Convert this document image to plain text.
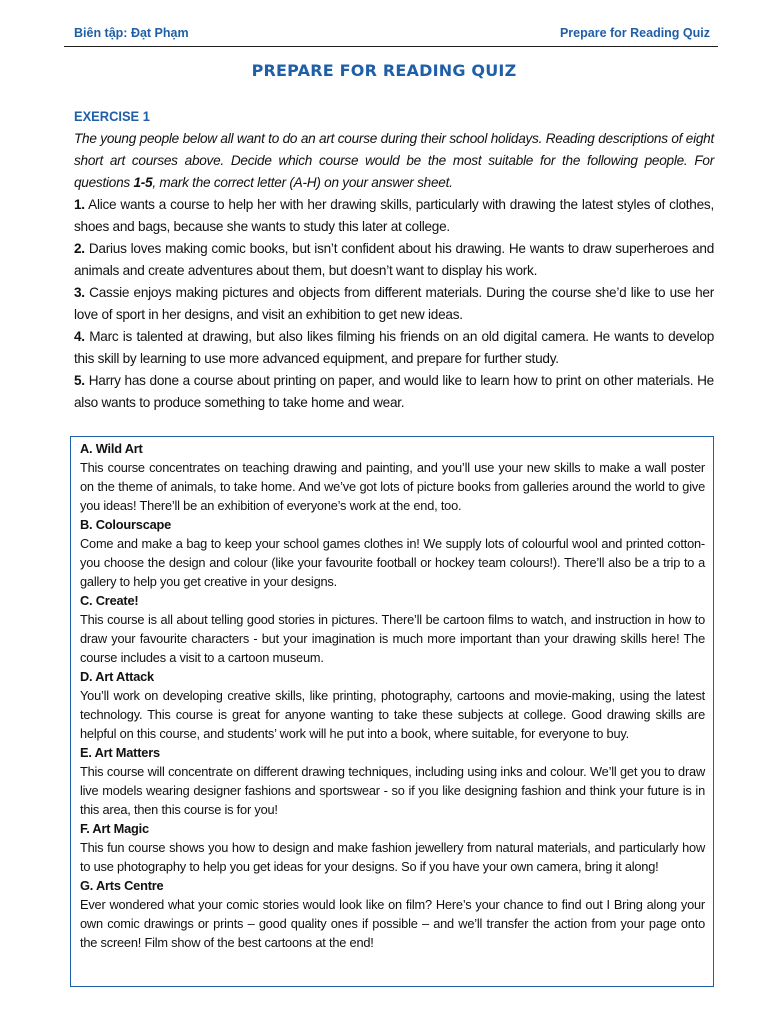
Biên tập: Đạt Phạm	Prepare for Reading Quiz
PREPARE FOR READING QUIZ
EXERCISE 1

The young people below all want to do an art course during their school holidays. Reading descriptions of eight short art courses above. Decide which course would be the most suitable for the following people. For questions 1-5, mark the correct letter (A-H) on your answer sheet.

1. Alice wants a course to help her with her drawing skills, particularly with drawing the latest styles of clothes, shoes and bags, because she wants to study this later at college.

2. Darius loves making comic books, but isn’t confident about his drawing. He wants to draw superheroes and animals and create adventures about them, but doesn’t want to display his work.

3. Cassie enjoys making pictures and objects from different materials. During the course she’d like to use her love of sport in her designs, and visit an exhibition to get new ideas.

4. Marc is talented at drawing, but also likes filming his friends on an old digital camera. He wants to develop this skill by learning to use more advanced equipment, and prepare for further study.

5. Harry has done a course about printing on paper, and would like to learn how to print on other materials. He also wants to produce something to take home and wear.

A. Wild Art

This course concentrates on teaching drawing and painting, and you’ll use your new skills to make a wall poster on the theme of animals, to take home. And we’ve got lots of picture books from galleries around the world to give you ideas! There’ll be an exhibition of everyone’s work at the end, too.

B. Colourscape

Come and make a bag to keep your school games clothes in! We supply lots of colourful wool and printed cotton- you choose the design and colour (like your favourite football or hockey team colours!). There’ll also be a trip to a gallery to help you get creative in your designs.

C. Create!

This course is all about telling good stories in pictures. There’ll be cartoon films to watch, and instruction in how to draw your favourite characters - but your imagination is much more important than your drawing skills here! The course includes a visit to a cartoon museum.

D. Art Attack

You’ll work on developing creative skills, like printing, photography, cartoons and movie-making, using the latest technology. This course is great for anyone wanting to take these subjects at college. Good drawing skills are helpful on this course, and students’ work will he put into a book, where suitable, for everyone to buy.

E. Art Matters

This course will concentrate on different drawing techniques, including using inks and colour. We’ll get you to draw live models wearing designer fashions and sportswear - so if you like designing fashion and think your future is in this area, then this course is for you!

F. Art Magic

This fun course shows you how to design and make fashion jewellery from natural materials, and particularly how to use photography to help you get ideas for your designs. So if you have your own camera, bring it along!

G. Arts Centre

Ever wondered what your comic stories would look like on film? Here’s your chance to find out I Bring along your own comic drawings or prints – good quality ones if possible – and we’ll transfer the action from your page onto the screen! Film show of the best cartoons at the end!
